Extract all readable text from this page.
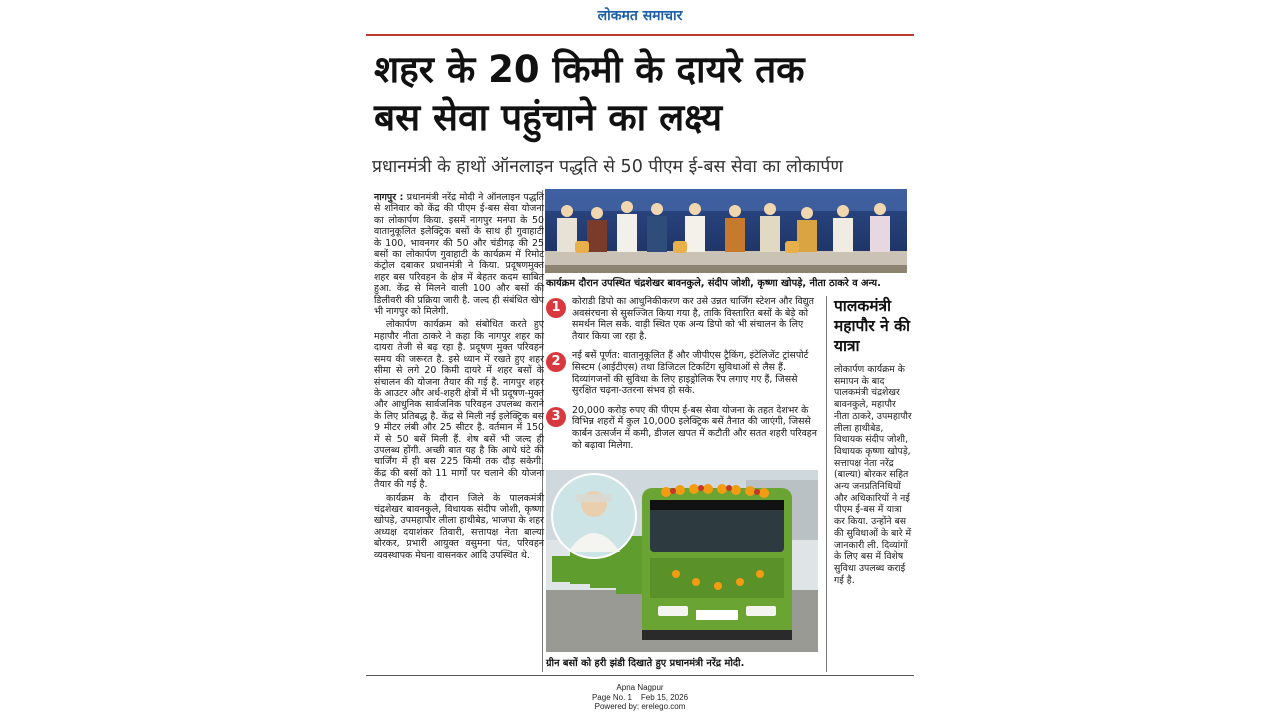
लोकमत समाचार
शहर के 20 किमी के दायरे तक
बस सेवा पहुंचाने का लक्ष्य
प्रधानमंत्री के हाथों ऑनलाइन पद्धति से 50 पीएम ई-बस सेवा का लोकार्पण

नागपुर : प्रधानमंत्री नरेंद्र मोदी ने ऑनलाइन पद्धति से शनिवार को केंद्र की पीएम ई-बस सेवा योजना का लोकार्पण किया. इसमें नागपुर मनपा के 50 वातानुकूलित इलेक्ट्रिक बसों के साथ ही गुवाहाटी के 100, भावनगर की 50 और चंडीगढ़ की 25 बसों का लोकार्पण गुवाहाटी के कार्यक्रम में रिमोट कंट्रोल दबाकर प्रधानमंत्री ने किया. प्रदूषणमुक्त शहर बस परिवहन के क्षेत्र में बेहतर कदम साबित हुआ. केंद्र से मिलने वाली 100 और बसों की डिलीवरी की प्रक्रिया जारी है. जल्द ही संबंधित खेप भी नागपुर को मिलेगी.

लोकार्पण कार्यक्रम को संबोधित करते हुए महापौर नीता ठाकरे ने कहा कि नागपुर शहर का दायरा तेजी से बढ़ रहा है. प्रदूषण मुक्त परिवहन समय की जरूरत है. इसे ध्यान में रखते हुए शहर सीमा से लगे 20 किमी दायरे में शहर बसों के संचालन की योजना तैयार की गई है. नागपुर शहर के आउटर और अर्ध-शहरी क्षेत्रों में भी प्रदूषण-मुक्त और आधुनिक सार्वजनिक परिवहन उपलब्ध कराने के लिए प्रतिबद्ध है. केंद्र से मिली नई इलेक्ट्रिक बस 9 मीटर लंबी और 25 सीटर है. वर्तमान में 150 में से 50 बसें मिली हैं. शेष बसें भी जल्द ही उपलब्ध होंगी. अच्छी बात यह है कि आधे घंटे की चार्जिंग में ही बस 225 किमी तक दौड़ सकेगी. केंद्र की बसों को 11 मार्गों पर चलाने की योजना तैयार की गई है.

कार्यक्रम के दौरान जिले के पालकमंत्री चंद्रशेखर बावनकुले, विधायक संदीप जोशी, कृष्णा खोपड़े, उपमहापौर लीला हाथीबेड, भाजपा के शहर अध्यक्ष दयाशंकर तिवारी, सत्तापक्ष नेता बाल्या बोरकर, प्रभारी आयुक्त वसुमना पंत, परिवहन व्यवस्थापक मेघना वासनकर आदि उपस्थित थे.

कार्यक्रम दौरान उपस्थित चंद्रशेखर बावनकुले, संदीप जोशी, कृष्णा खोपड़े, नीता ठाकरे व अन्य.
1	कोराडी डिपो का आधुनिकीकरण कर उसे उन्नत चार्जिंग स्टेशन और विद्युत अवसंरचना से सुसज्जित किया गया है, ताकि विस्तारित बसों के बेड़े को समर्थन मिल सके. वाड़ी स्थित एक अन्य डिपो को भी संचालन के लिए तैयार किया जा रहा है.
2	नई बसें पूर्णत: वातानुकूलित हैं और जीपीएस ट्रैकिंग, इंटेलिजेंट ट्रांसपोर्ट सिस्टम (आईटीएस) तथा डिजिटल टिकटिंग सुविधाओं से लैस हैं. दिव्यांगजनों की सुविधा के लिए हाइड्रोलिक रैंप लगाए गए हैं, जिससे सुरक्षित चढ़ना-उतरना संभव हो सके.
3	20,000 करोड़ रुपए की पीएम ई-बस सेवा योजना के तहत देशभर के विभिन्न शहरों में कुल 10,000 इलेक्ट्रिक बसें तैनात की जाएंगी, जिससे कार्बन उत्सर्जन में कमी, डीजल खपत में कटौती और सतत शहरी परिवहन को बढ़ावा मिलेगा.
ग्रीन बसों को हरी झंडी दिखाते हुए प्रधानमंत्री नरेंद्र मोदी.
पालकमंत्री महापौर ने की यात्रा
लोकार्पण कार्यक्रम के समापन के बाद पालकमंत्री चंद्रशेखर बावनकुले, महापौर नीता ठाकरे, उपमहापौर लीला हाथीबेड, विधायक संदीप जोशी, विधायक कृष्णा खोपड़े, सत्तापक्ष नेता नरेंद्र (बाल्या) बोरकर सहित अन्य जनप्रतिनिधियों और अधिकारियों ने नई पीएम ई-बस में यात्रा कर किया. उन्होंने बस की सुविधाओं के बारे में जानकारी ली. दिव्यांगों के लिए बस में विशेष सुविधा उपलब्ध कराई गई है.
Apna Nagpur
Page No. 1    Feb 15, 2026
Powered by: erelego.com
